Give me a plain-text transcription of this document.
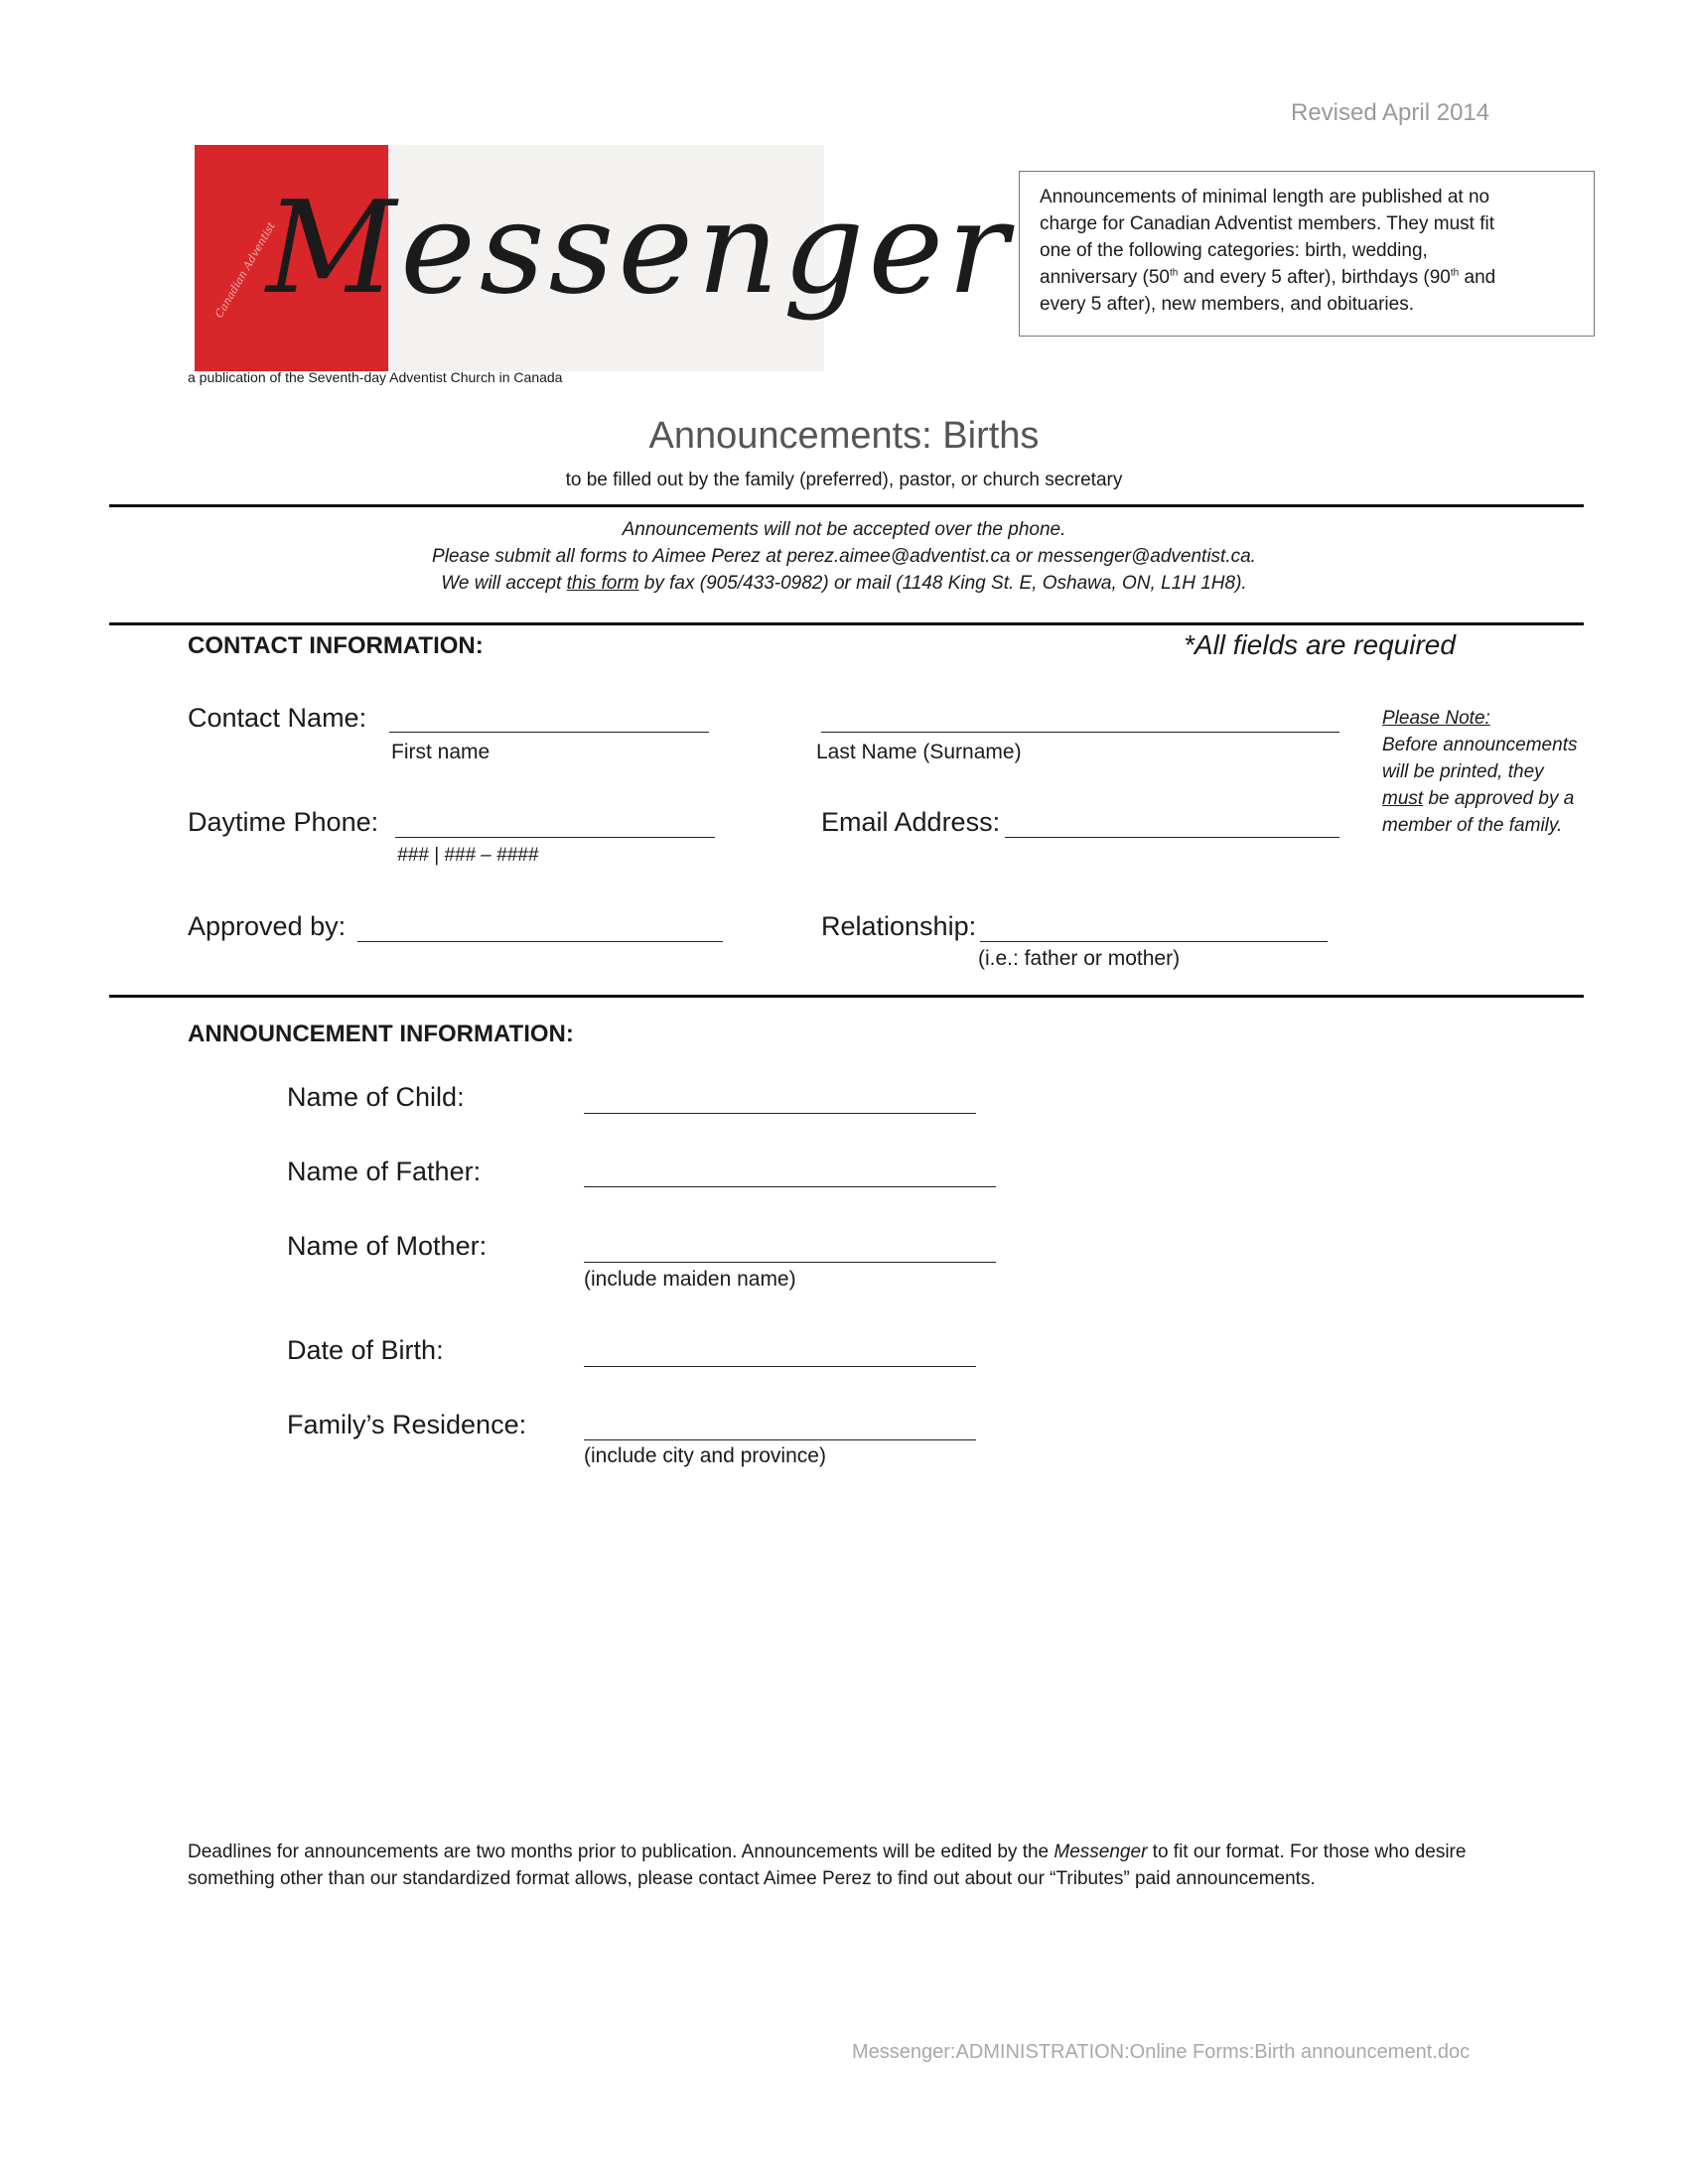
Revised April 2014
Canadian Adventist
Messenger
a publication of the Seventh-day Adventist Church in Canada

Announcements of minimal length are published at no

charge for Canadian Adventist members. They must fit

one of the following categories: birth, wedding,

anniversary (50th and every 5 after), birthdays (90th and

every 5 after), new members, and obituaries.

Announcements: Births
to be filled out by the family (preferred), pastor, or church secretary
Announcements will not be accepted over the phone.
Please submit all forms to Aimee Perez at perez.aimee@adventist.ca or messenger@adventist.ca.
We will accept this form by fax (905/433-0982) or mail (1148 King St. E, Oshawa, ON, L1H 1H8).
CONTACT INFORMATION:	*All fields are required
Contact Name:
First name	Last Name (Surname)
Daytime Phone:
### | ### – ####
Email Address:
Approved by:	Relationship:
(i.e.: father or mother)
Please Note:
Before announcements
will be printed, they
must be approved by a
member of the family.
ANNOUNCEMENT INFORMATION:
Name of Child:
Name of Father:
Name of Mother:
(include maiden name)
Date of Birth:
Family’s Residence:
(include city and province)
Deadlines for announcements are two months prior to publication. Announcements will be edited by the Messenger to fit our format. For those who desire something other than our standardized format allows, please contact Aimee Perez to find out about our “Tributes” paid announcements.
Messenger:ADMINISTRATION:Online Forms:Birth announcement.doc
